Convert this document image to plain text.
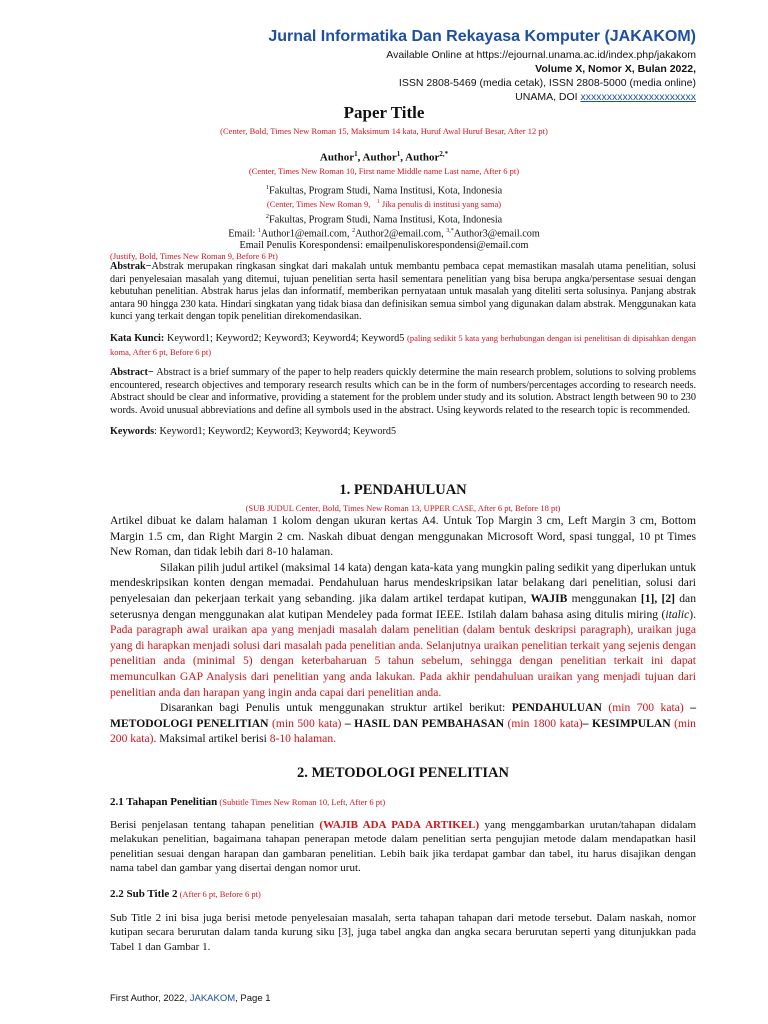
Jurnal Informatika Dan Rekayasa Komputer (JAKAKOM)
Available Online at https://ejournal.unama.ac.id/index.php/jakakom
Volume X, Nomor X, Bulan 2022,
ISSN 2808-5469 (media cetak), ISSN 2808-5000 (media online)
UNAMA, DOI xxxxxxxxxxxxxxxxxxxxxx
Paper Title
(Center, Bold, Times New Roman 15, Maksimum 14 kata, Huruf Awal Huruf Besar, After 12 pt)
Author$^1$, Author$^1$, Author$^{2,*}$
(Center, Times New Roman 10, First name Middle name Last name, After 6 pt)
$^1$Fakultas, Program Studi, Nama Institusi, Kota, Indonesia
(Center, Times New Roman 9, $^1$ Jika penulis di institusi yang sama)
$^2$Fakultas, Program Studi, Nama Institusi, Kota, Indonesia
Email: $^1$Author1@email.com, $^2$Author2@email.com, $^{3,*}$Author3@email.com
Email Penulis Korespondensi: emailpenuliskorespondensi@email.com
(Justify, Bold, Times New Roman 9, Before 6 Pt)

Abstrak−Abstrak merupakan ringkasan singkat dari makalah untuk membantu pembaca cepat memastikan masalah utama penelitian, solusi dari penyelesaian masalah yang ditemui, tujuan penelitian serta hasil sementara penelitian yang bisa berupa angka/persentase sesuai dengan kebutuhan penelitian. Abstrak harus jelas dan informatif, memberikan pernyataan untuk masalah yang diteliti serta solusinya. Panjang abstrak antara 90 hingga 230 kata. Hindari singkatan yang tidak biasa dan definisikan semua simbol yang digunakan dalam abstrak. Menggunakan kata kunci yang terkait dengan topik penelitian direkomendasikan.

Kata Kunci: Keyword1; Keyword2; Keyword3; Keyword4; Keyword5 (paling sedikit 5 kata yang berhubungan dengan isi penelitisan di dipisahkan dengan koma, After 6 pt, Before 6 pt)

Abstract− Abstract is a brief summary of the paper to help readers quickly determine the main research problem, solutions to solving problems encountered, research objectives and temporary research results which can be in the form of numbers/percentages according to research needs. Abstract should be clear and informative, providing a statement for the problem under study and its solution. Abstract length between 90 to 230 words. Avoid unusual abbreviations and define all symbols used in the abstract. Using keywords related to the research topic is recommended.

Keywords: Keyword1; Keyword2; Keyword3; Keyword4; Keyword5

1. PENDAHULUAN
(SUB JUDUL Center, Bold, Times New Roman 13, UPPER CASE, After 6 pt, Before 18 pt)

Artikel dibuat ke dalam halaman 1 kolom dengan ukuran kertas A4. Untuk Top Margin 3 cm, Left Margin 3 cm, Bottom Margin 1.5 cm, dan Right Margin 2 cm. Naskah dibuat dengan menggunakan Microsoft Word, spasi tunggal, 10 pt Times New Roman, dan tidak lebih dari 8-10 halaman.

Silakan pilih judul artikel (maksimal 14 kata) dengan kata-kata yang mungkin paling sedikit yang diperlukan untuk mendeskripsikan konten dengan memadai. Pendahuluan harus mendeskripsikan latar belakang dari penelitian, solusi dari penyelesaian dan pekerjaan terkait yang sebanding. jika dalam artikel terdapat kutipan, WAJIB menggunakan [1], [2] dan seterusnya dengan menggunakan alat kutipan Mendeley pada format IEEE. Istilah dalam bahasa asing ditulis miring (italic). Pada paragraph awal uraikan apa yang menjadi masalah dalam penelitian (dalam bentuk deskripsi paragraph), uraikan juga yang di harapkan menjadi solusi dari masalah pada penelitian anda. Selanjutnya uraikan penelitian terkait yang sejenis dengan penelitian anda (minimal 5) dengan keterbaharuan 5 tahun sebelum, sehingga dengan penelitian terkait ini dapat memunculkan GAP Analysis dari penelitian yang anda lakukan. Pada akhir pendahuluan uraikan yang menjadi tujuan dari penelitian anda dan harapan yang ingin anda capai dari penelitian anda.

Disarankan bagi Penulis untuk menggunakan struktur artikel berikut: PENDAHULUAN (min 700 kata) – METODOLOGI PENELITIAN (min 500 kata) – HASIL DAN PEMBAHASAN (min 1800 kata)– KESIMPULAN (min 200 kata). Maksimal artikel berisi 8-10 halaman.

2. METODOLOGI PENELITIAN
2.1 Tahapan Penelitian (Subtitle Times New Roman 10, Left, After 6 pt)

Berisi penjelasan tentang tahapan penelitian (WAJIB ADA PADA ARTIKEL) yang menggambarkan urutan/tahapan didalam melakukan penelitian, bagaimana tahapan penerapan metode dalam penelitian serta pengujian metode dalam mendapatkan hasil penelitian sesuai dengan harapan dan gambaran penelitian. Lebih baik jika terdapat gambar dan tabel, itu harus disajikan dengan nama tabel dan gambar yang disertai dengan nomor urut.

2.2 Sub Title 2 (After 6 pt, Before 6 pt)

Sub Title 2 ini bisa juga berisi metode penyelesaian masalah, serta tahapan tahapan dari metode tersebut. Dalam naskah, nomor kutipan secara berurutan dalam tanda kurung siku [3], juga tabel angka dan angka secara berurutan seperti yang ditunjukkan pada Tabel 1 dan Gambar 1.

First Author, 2022, JAKAKOM, Page 1
